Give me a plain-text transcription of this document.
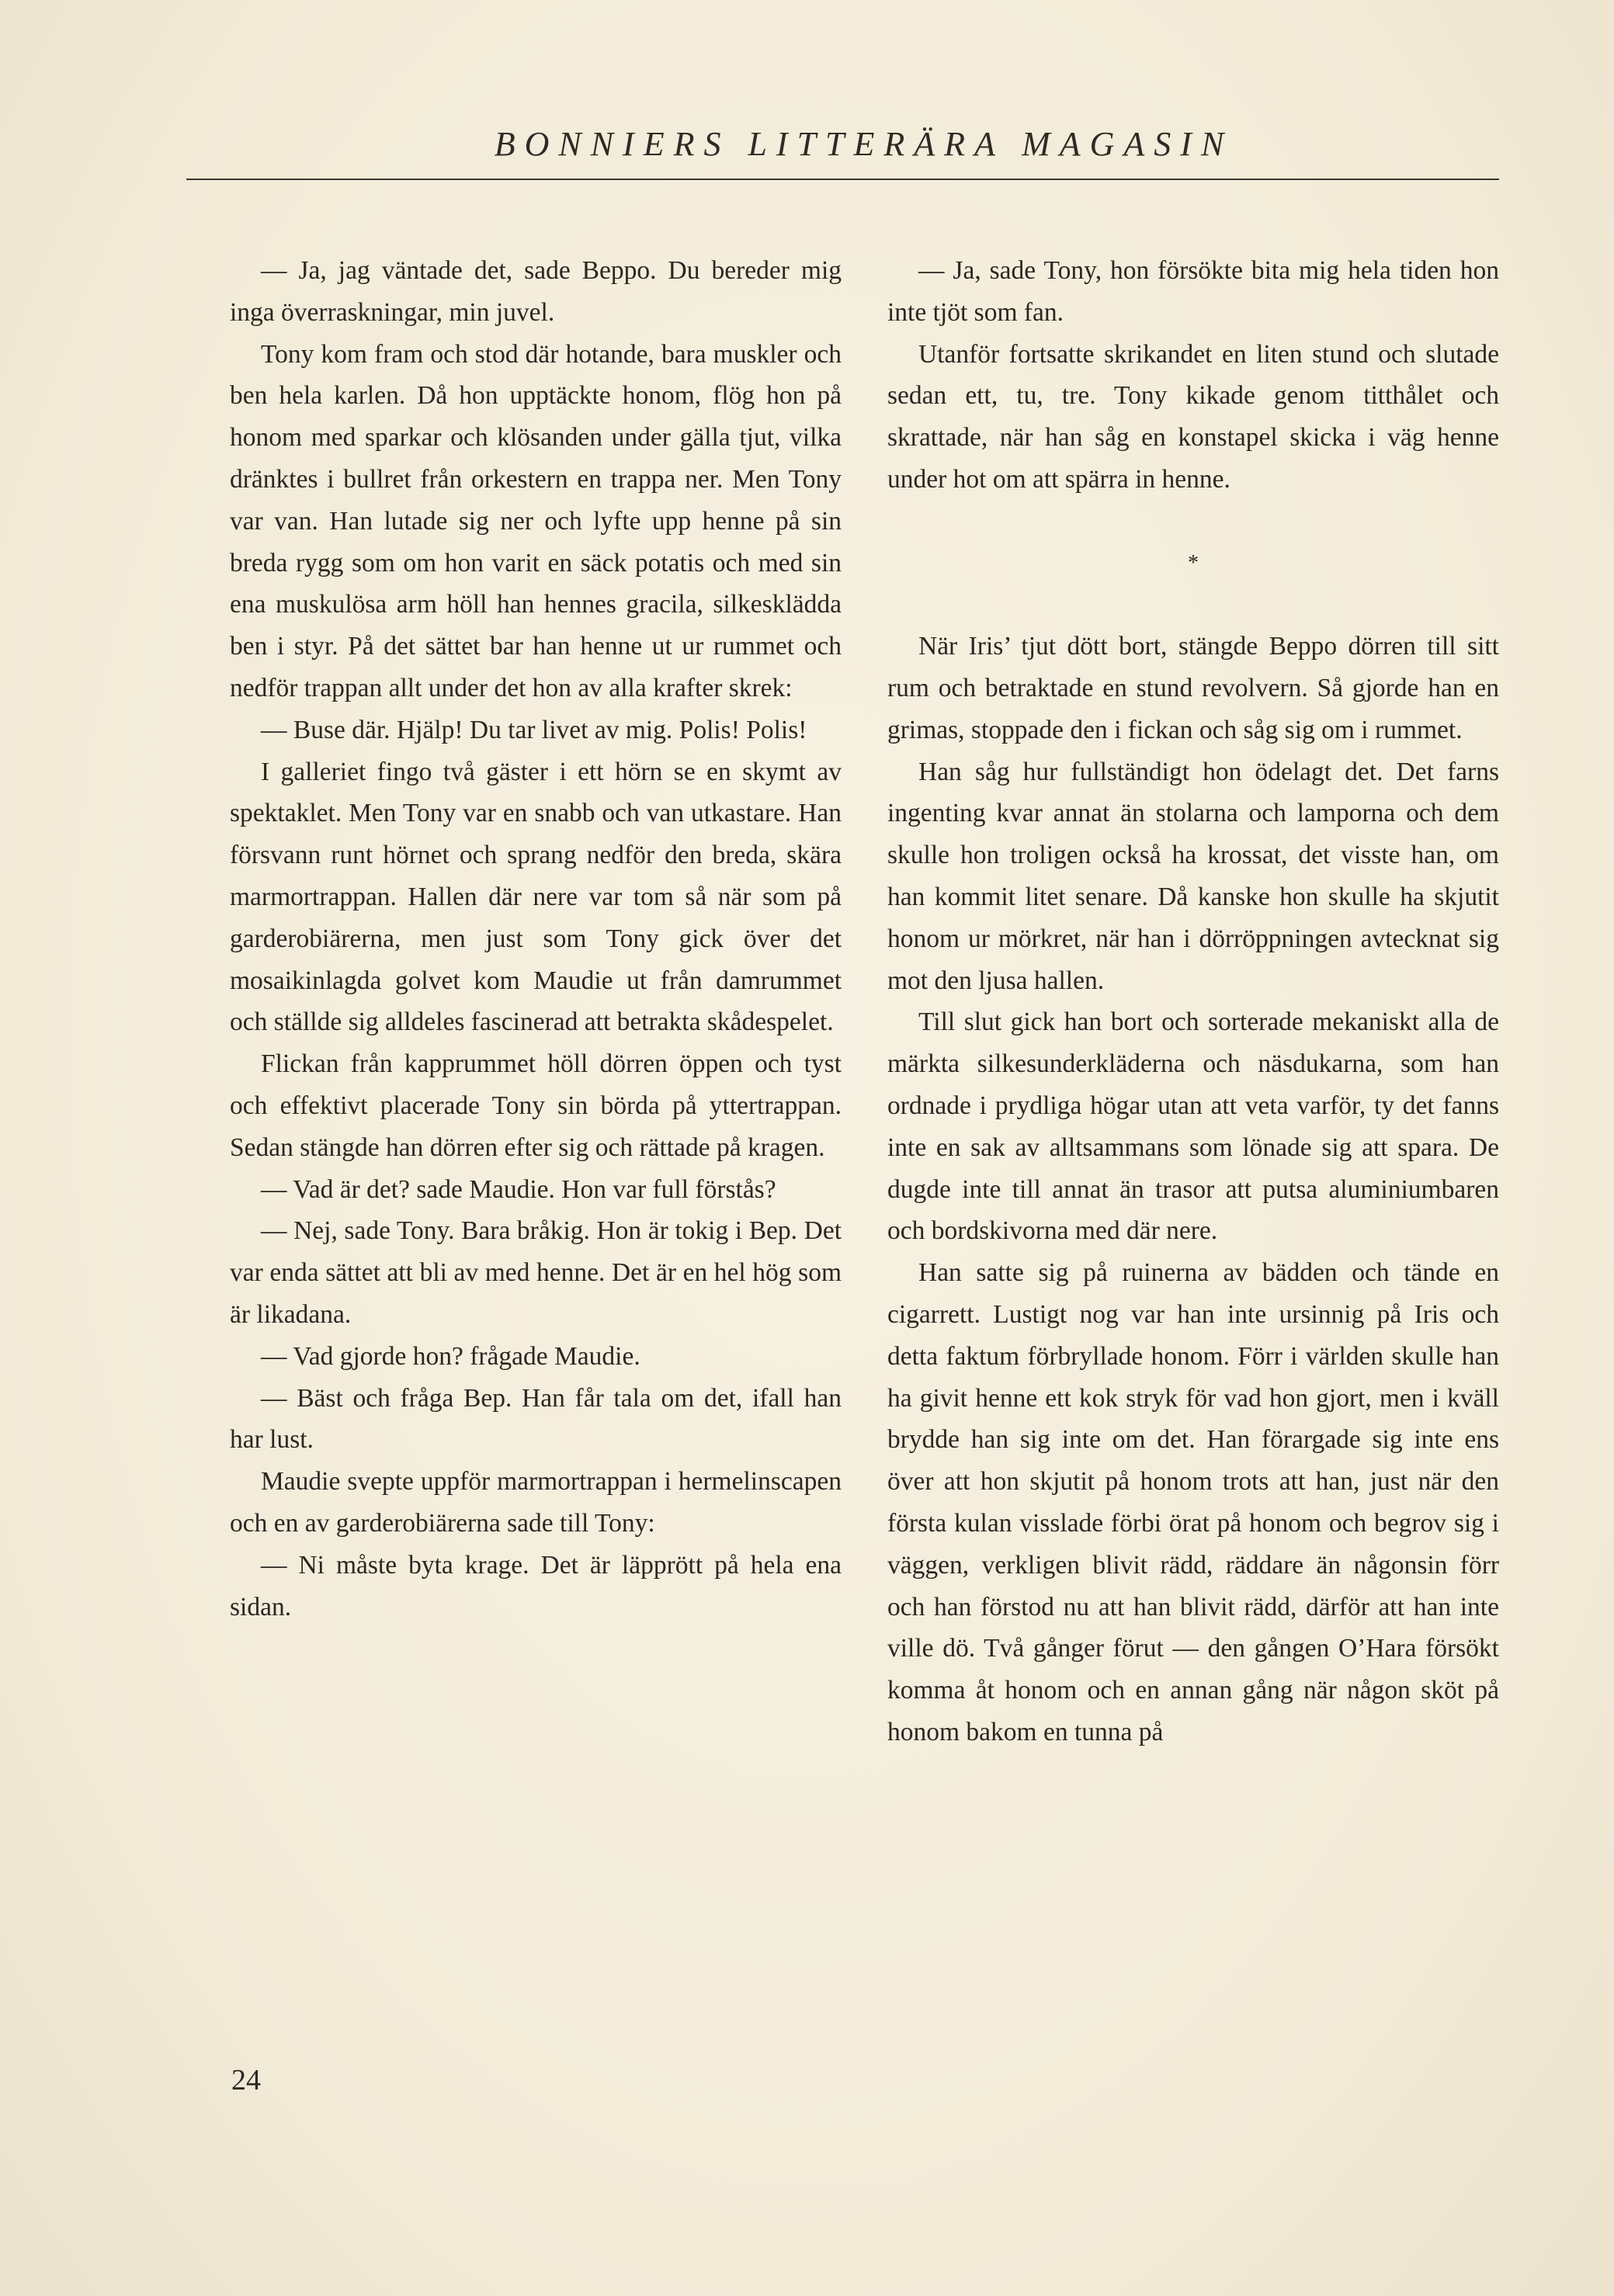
BONNIERS LITTERÄRA MAGASIN

— Ja, jag väntade det, sade Beppo. Du bereder mig inga överraskningar, min juvel.

Tony kom fram och stod där hotande, bara muskler och ben hela karlen. Då hon upptäckte honom, flög hon på honom med sparkar och klösanden under gälla tjut, vilka dränktes i bullret från orkestern en trappa ner. Men Tony var van. Han lutade sig ner och lyfte upp henne på sin breda rygg som om hon varit en säck potatis och med sin ena muskulösa arm höll han hennes gracila, silkesklädda ben i styr. På det sättet bar han henne ut ur rummet och nedför trappan allt under det hon av alla krafter skrek:

— Buse där. Hjälp! Du tar livet av mig. Polis! Polis!

I galleriet fingo två gäster i ett hörn se en skymt av spektaklet. Men Tony var en snabb och van utkastare. Han försvann runt hörnet och sprang nedför den breda, skära marmortrappan. Hallen där nere var tom så när som på garderobiärerna, men just som Tony gick över det mosaikinlagda golvet kom Maudie ut från damrummet och ställde sig alldeles fascinerad att betrakta skådespelet.

Flickan från kapprummet höll dörren öppen och tyst och effektivt placerade Tony sin börda på yttertrappan. Sedan stängde han dörren efter sig och rättade på kragen.

— Vad är det? sade Maudie. Hon var full förstås?

— Nej, sade Tony. Bara bråkig. Hon är tokig i Bep. Det var enda sättet att bli av med henne. Det är en hel hög som är likadana.

— Vad gjorde hon? frågade Maudie.

— Bäst och fråga Bep. Han får tala om det, ifall han har lust.

Maudie svepte uppför marmortrappan i hermelinscapen och en av garderobiärerna sade till Tony:

— Ni måste byta krage. Det är läpprött på hela ena sidan.

— Ja, sade Tony, hon försökte bita mig hela tiden hon inte tjöt som fan.

Utanför fortsatte skrikandet en liten stund och slutade sedan ett, tu, tre. Tony kikade genom titthålet och skrattade, när han såg en konstapel skicka i väg henne under hot om att spärra in henne.

*

När Iris’ tjut dött bort, stängde Beppo dörren till sitt rum och betraktade en stund revolvern. Så gjorde han en grimas, stoppade den i fickan och såg sig om i rummet.

Han såg hur fullständigt hon ödelagt det. Det farns ingenting kvar annat än stolarna och lamporna och dem skulle hon troligen också ha krossat, det visste han, om han kommit litet senare. Då kanske hon skulle ha skjutit honom ur mörkret, när han i dörröppningen avtecknat sig mot den ljusa hallen.

Till slut gick han bort och sorterade mekaniskt alla de märkta silkesunderkläderna och näsdukarna, som han ordnade i prydliga högar utan att veta varför, ty det fanns inte en sak av alltsammans som lönade sig att spara. De dugde inte till annat än trasor att putsa aluminiumbaren och bordskivorna med där nere.

Han satte sig på ruinerna av bädden och tände en cigarrett. Lustigt nog var han inte ursinnig på Iris och detta faktum förbryllade honom. Förr i världen skulle han ha givit henne ett kok stryk för vad hon gjort, men i kväll brydde han sig inte om det. Han förargade sig inte ens över att hon skjutit på honom trots att han, just när den första kulan visslade förbi örat på honom och begrov sig i väggen, verkligen blivit rädd, räddare än någonsin förr och han förstod nu att han blivit rädd, därför att han inte ville dö. Två gånger förut — den gången O’Hara försökt komma åt honom och en annan gång när någon sköt på honom bakom en tunna på

24
